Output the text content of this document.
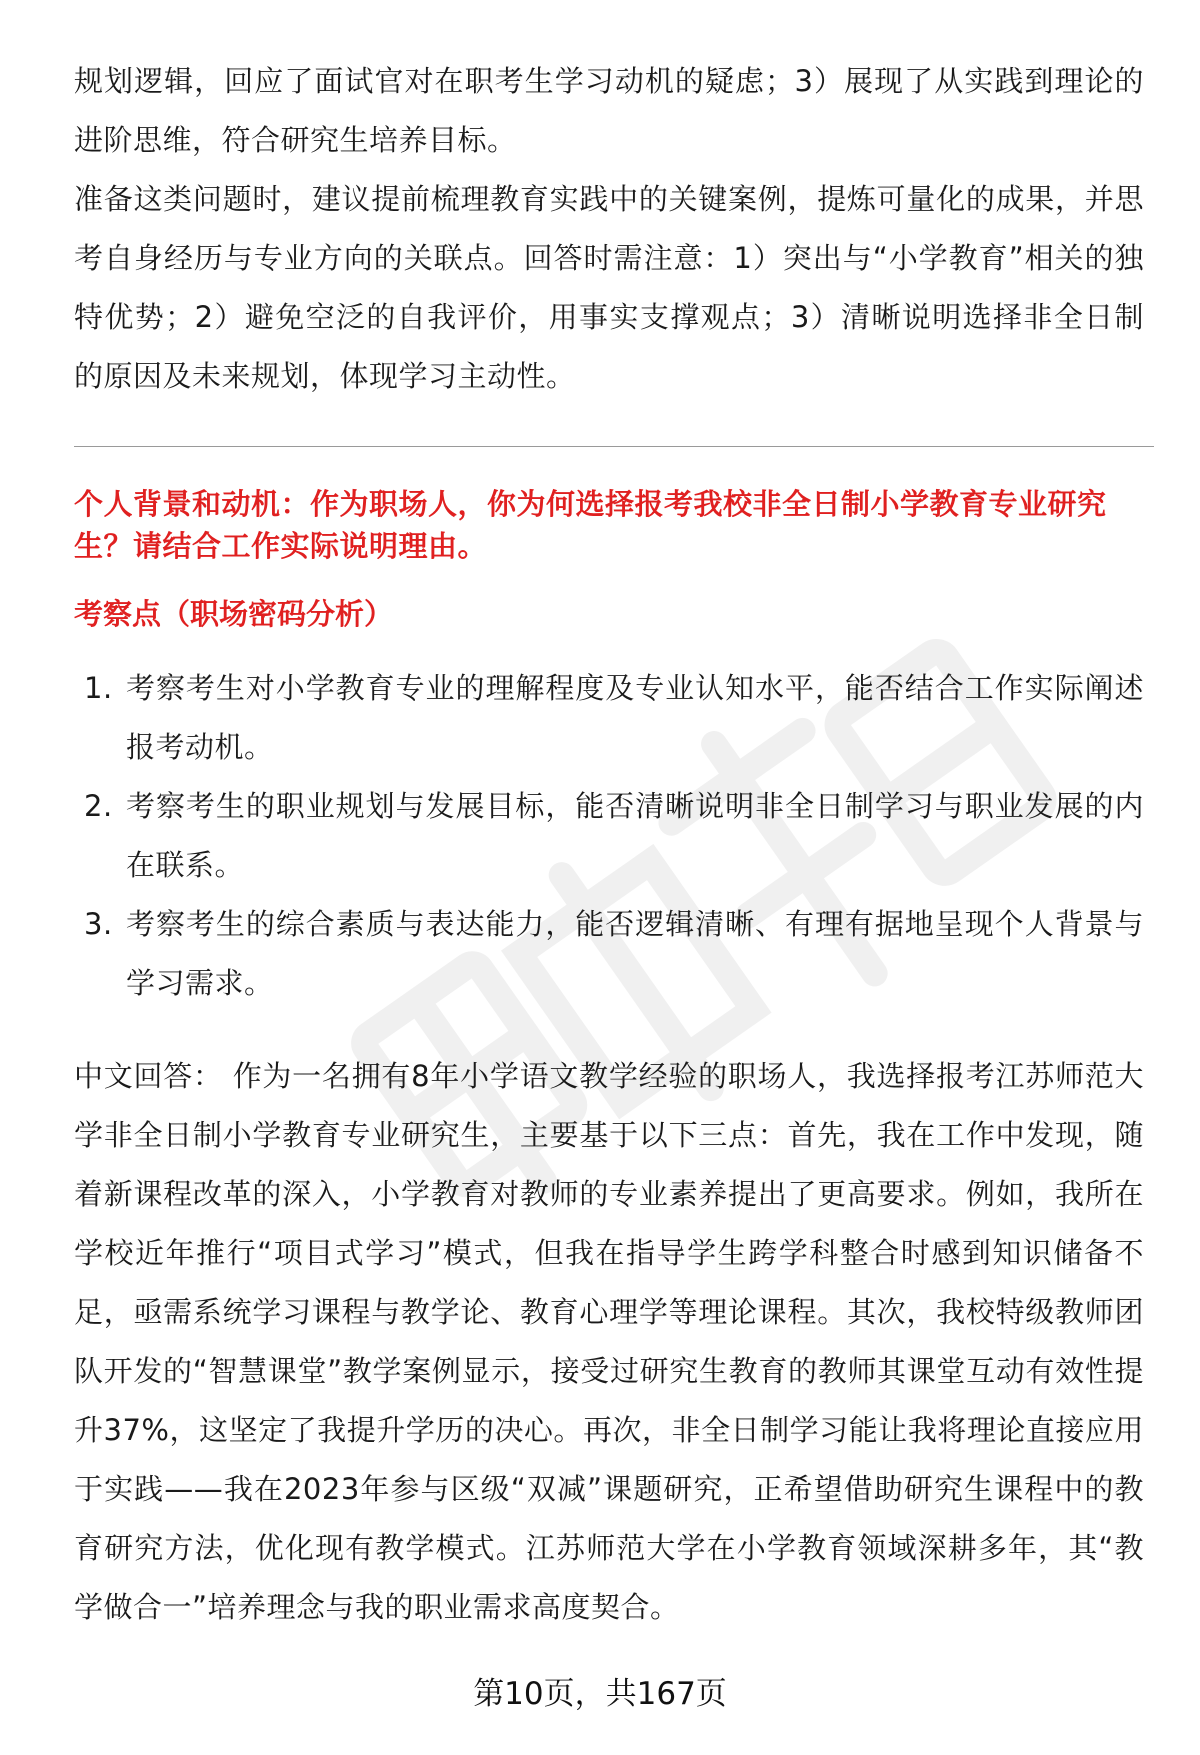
规划逻辑，回应了面试官对在职考生学习动机的疑虑；3）展现了从实践到理论的进阶思维，符合研究生培养目标。

准备这类问题时，建议提前梳理教育实践中的关键案例，提炼可量化的成果，并思考自身经历与专业方向的关联点。回答时需注意：1）突出与“小学教育”相关的独特优势；2）避免空泛的自我评价，用事实支撑观点；3）清晰说明选择非全日制的原因及未来规划，体现学习主动性。

个人背景和动机：作为职场人，你为何选择报考我校非全日制小学教育专业研究生？请结合工作实际说明理由。

考察点（职场密码分析）
1. 考察考生对小学教育专业的理解程度及专业认知水平，能否结合工作实际阐述报考动机。
2. 考察考生的职业规划与发展目标，能否清晰说明非全日制学习与职业发展的内在联系。
3. 考察考生的综合素质与表达能力，能否逻辑清晰、有理有据地呈现个人背景与学习需求。

中文回答： 作为一名拥有8年小学语文教学经验的职场人，我选择报考江苏师范大学非全日制小学教育专业研究生，主要基于以下三点：首先，我在工作中发现，随着新课程改革的深入，小学教育对教师的专业素养提出了更高要求。例如，我所在学校近年推行“项目式学习”模式，但我在指导学生跨学科整合时感到知识储备不足，亟需系统学习课程与教学论、教育心理学等理论课程。其次，我校特级教师团队开发的“智慧课堂”教学案例显示，接受过研究生教育的教师其课堂互动有效性提升37%，这坚定了我提升学历的决心。再次，非全日制学习能让我将理论直接应用于实践——我在2023年参与区级“双减”课题研究，正希望借助研究生课程中的教育研究方法，优化现有教学模式。江苏师范大学在小学教育领域深耕多年，其“教学做合一”培养理念与我的职业需求高度契合。

第10页，共167页
